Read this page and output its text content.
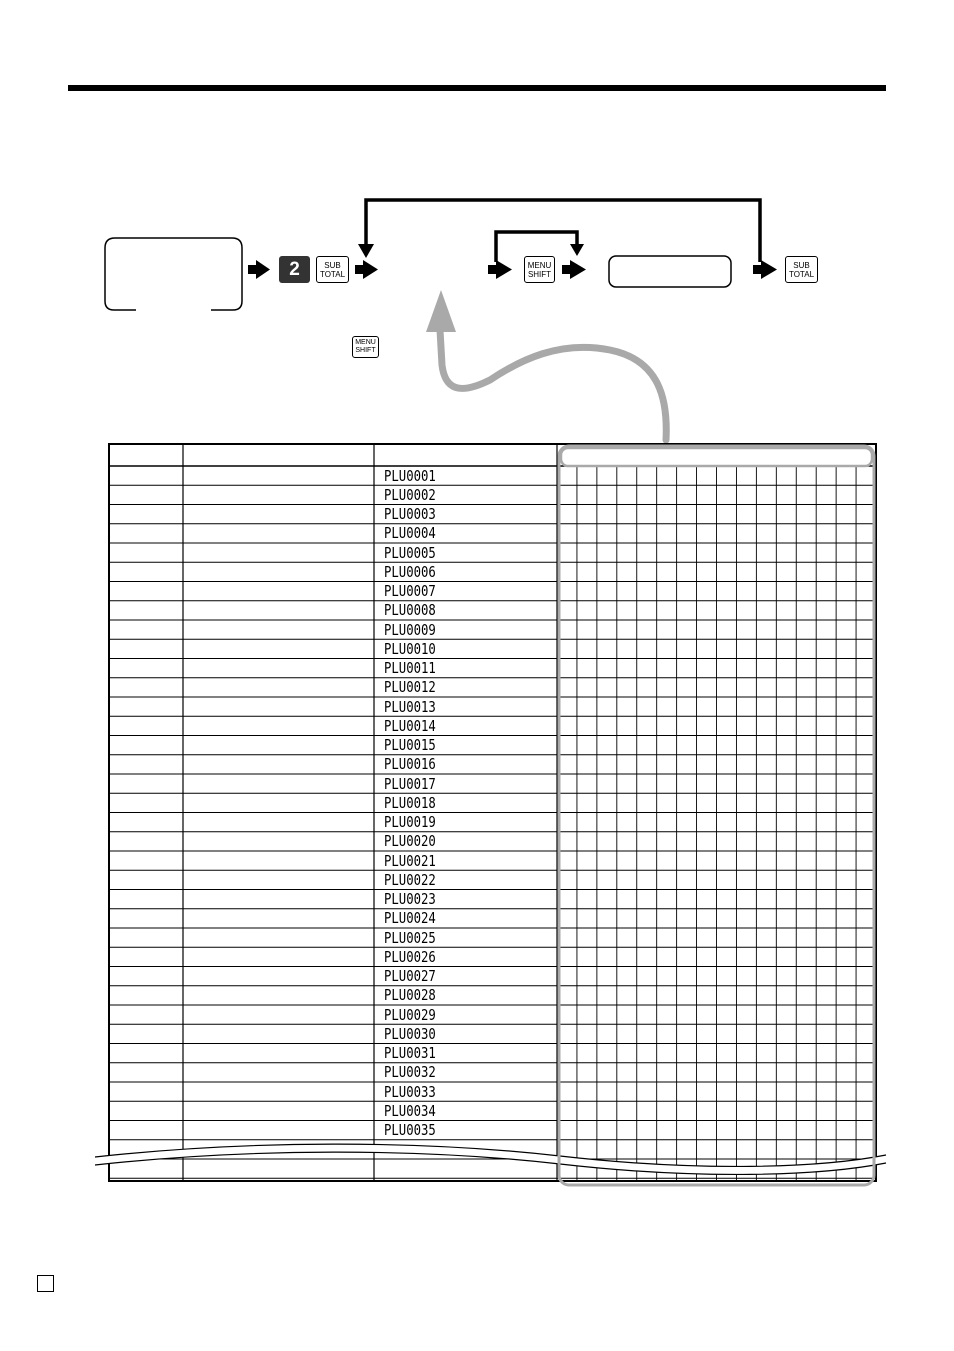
2	SUB
TOTAL
MENU
SHIFT
SUB
TOTAL
MENU
SHIFT
PLU0001
PLU0002
PLU0003
PLU0004
PLU0005
PLU0006
PLU0007
PLU0008
PLU0009
PLU0010
PLU0011
PLU0012
PLU0013
PLU0014
PLU0015
PLU0016
PLU0017
PLU0018
PLU0019
PLU0020
PLU0021
PLU0022
PLU0023
PLU0024
PLU0025
PLU0026
PLU0027
PLU0028
PLU0029
PLU0030
PLU0031
PLU0032
PLU0033
PLU0034
PLU0035
